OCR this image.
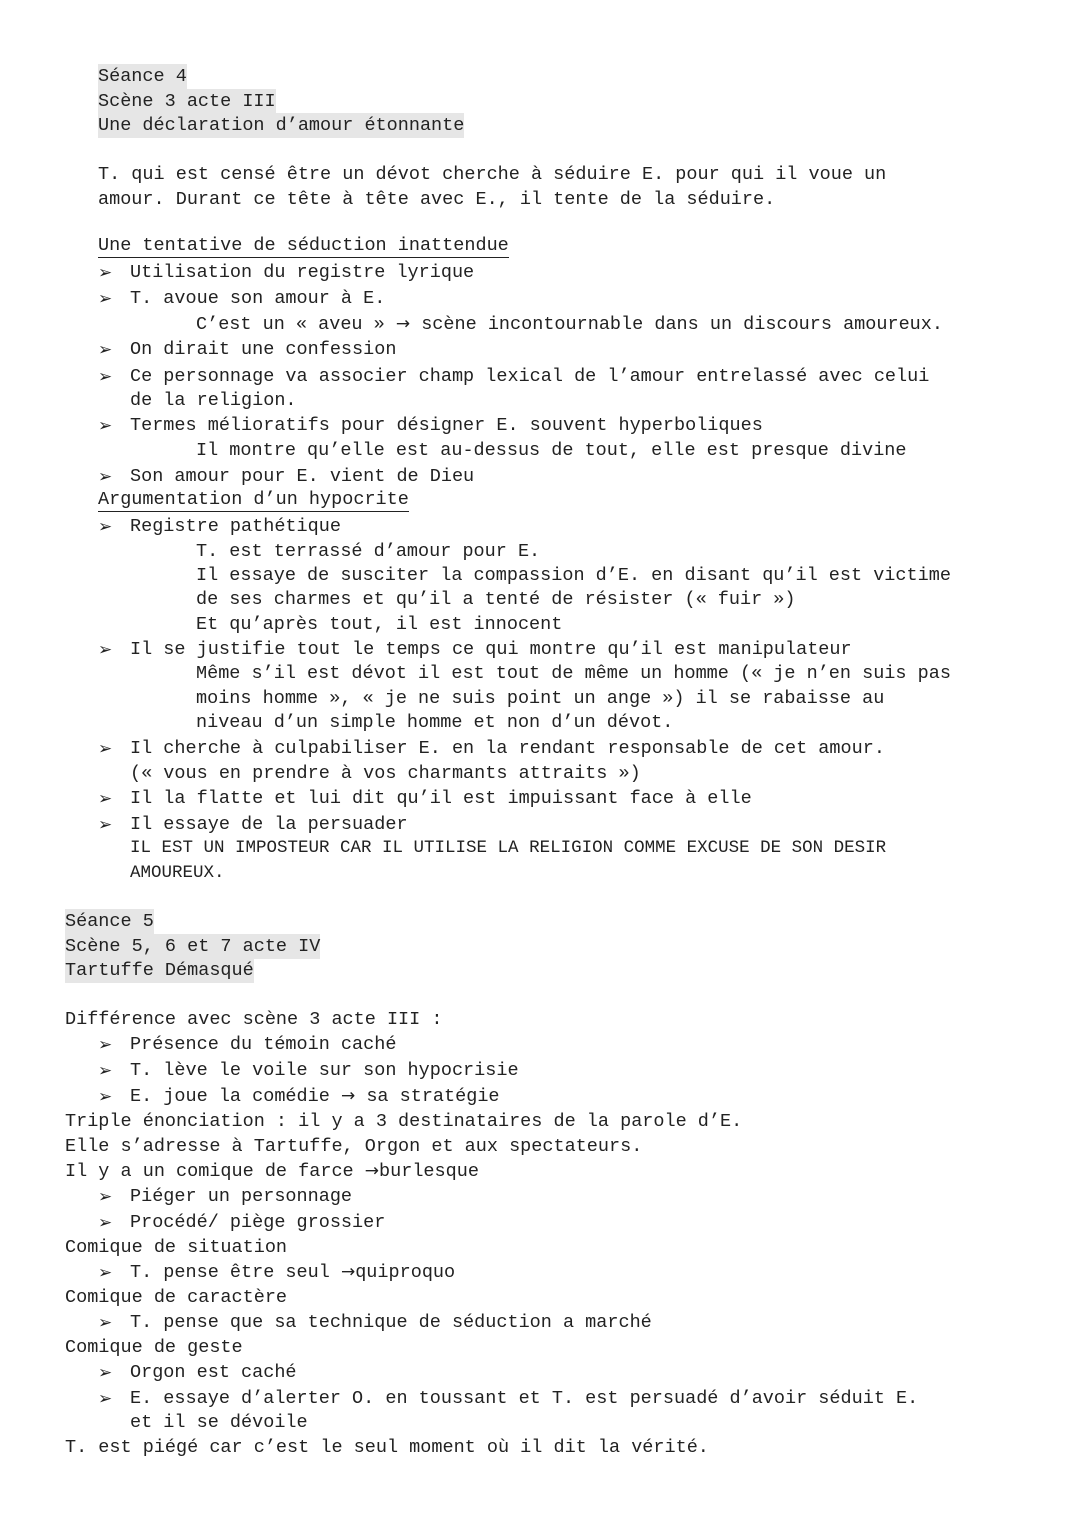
Séance 4
Scène 3 acte III
Une déclaration d’amour étonnante
T. qui est censé être un dévot cherche à séduire E. pour qui il voue un
amour. Durant ce tête à tête avec E., il tente de la séduire.
Une tentative de séduction inattendue
➢ Utilisation du registre lyrique
➢ T. avoue son amour à E.
C’est un « aveu » → scène incontournable dans un discours amoureux.
➢ On dirait une confession
➢ Ce personnage va associer champ lexical de l’amour entrelassé avec celui
de la religion.
➢ Termes mélioratifs pour désigner E. souvent hyperboliques
Il montre qu’elle est au-dessus de tout, elle est presque divine
➢ Son amour pour E. vient de Dieu
Argumentation d’un hypocrite
➢ Registre pathétique
T. est terrassé d’amour pour E.
Il essaye de susciter la compassion d’E. en disant qu’il est victime
de ses charmes et qu’il a tenté de résister (« fuir »)
Et qu’après tout, il est innocent
➢ Il se justifie tout le temps ce qui montre qu’il est manipulateur
Même s’il est dévot il est tout de même un homme (« je n’en suis pas
moins homme », « je ne suis point un ange ») il se rabaisse au
niveau d’un simple homme et non d’un dévot.
➢ Il cherche à culpabiliser E. en la rendant responsable de cet amour.
(« vous en prendre à vos charmants attraits »)
➢ Il la flatte et lui dit qu’il est impuissant face à elle
➢ Il essaye de la persuader
IL EST UN IMPOSTEUR CAR IL UTILISE LA RELIGION COMME EXCUSE DE SON DESIR
AMOUREUX.
Séance 5
Scène 5, 6 et 7 acte IV
Tartuffe Démasqué
Différence avec scène 3 acte III :
➢ Présence du témoin caché
➢ T. lève le voile sur son hypocrisie
➢ E. joue la comédie → sa stratégie
Triple énonciation : il y a 3 destinataires de la parole d’E.
Elle s’adresse à Tartuffe, Orgon et aux spectateurs.
Il y a un comique de farce →burlesque
➢ Piéger un personnage
➢ Procédé/ piège grossier
Comique de situation
➢ T. pense être seul →quiproquo
Comique de caractère
➢ T. pense que sa technique de séduction a marché
Comique de geste
➢ Orgon est caché
➢ E. essaye d’alerter O. en toussant et T. est persuadé d’avoir séduit E.
et il se dévoile
T. est piégé car c’est le seul moment où il dit la vérité.
